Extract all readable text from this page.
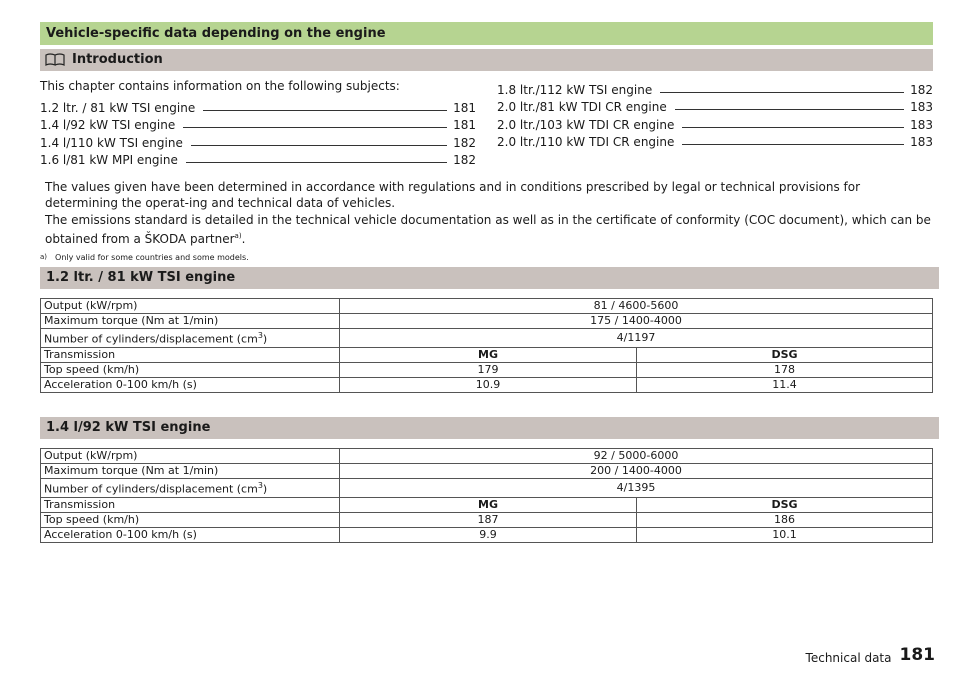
Vehicle-specific data depending on the engine
Introduction
This chapter contains information on the following subjects:
1.2 ltr. / 81 kW TSI engine	181
1.4 l/92 kW TSI engine	181
1.4 l/110 kW TSI engine	182
1.6 l/81 kW MPI engine	182
1.8 ltr./112 kW TSI engine	182
2.0 ltr./81 kW TDI CR engine	183
2.0 ltr./103 kW TDI CR engine	183
2.0 ltr./110 kW TDI CR engine	183
The values given have been determined in accordance with regulations and in conditions prescribed by legal or technical provisions for determining the operat-ing and technical data of vehicles.
The emissions standard is detailed in the technical vehicle documentation as well as in the certificate of conformity (COC document), which can be obtained from a ŠKODA partner$^{a)}$.
a) Only valid for some countries and some models.
1.2 ltr. / 81 kW TSI engine
Output (kW/rpm)	81 / 4600-5600	
Maximum torque (Nm at 1/min)	175 / 1400-4000	
Number of cylinders/displacement $(cm^3)$	4/1197	
Transmission	MG	DSG
Top speed (km/h)	179	178
Acceleration 0-100 km/h (s)	10.9	11.4
1.4 l/92 kW TSI engine
Output (kW/rpm)	92 / 5000-6000	
Maximum torque (Nm at 1/min)	200 / 1400-4000	
Number of cylinders/displacement $(cm^3)$	4/1395	
Transmission	MG	DSG
Top speed (km/h)	187	186
Acceleration 0-100 km/h (s)	9.9	10.1
Technical data 181
